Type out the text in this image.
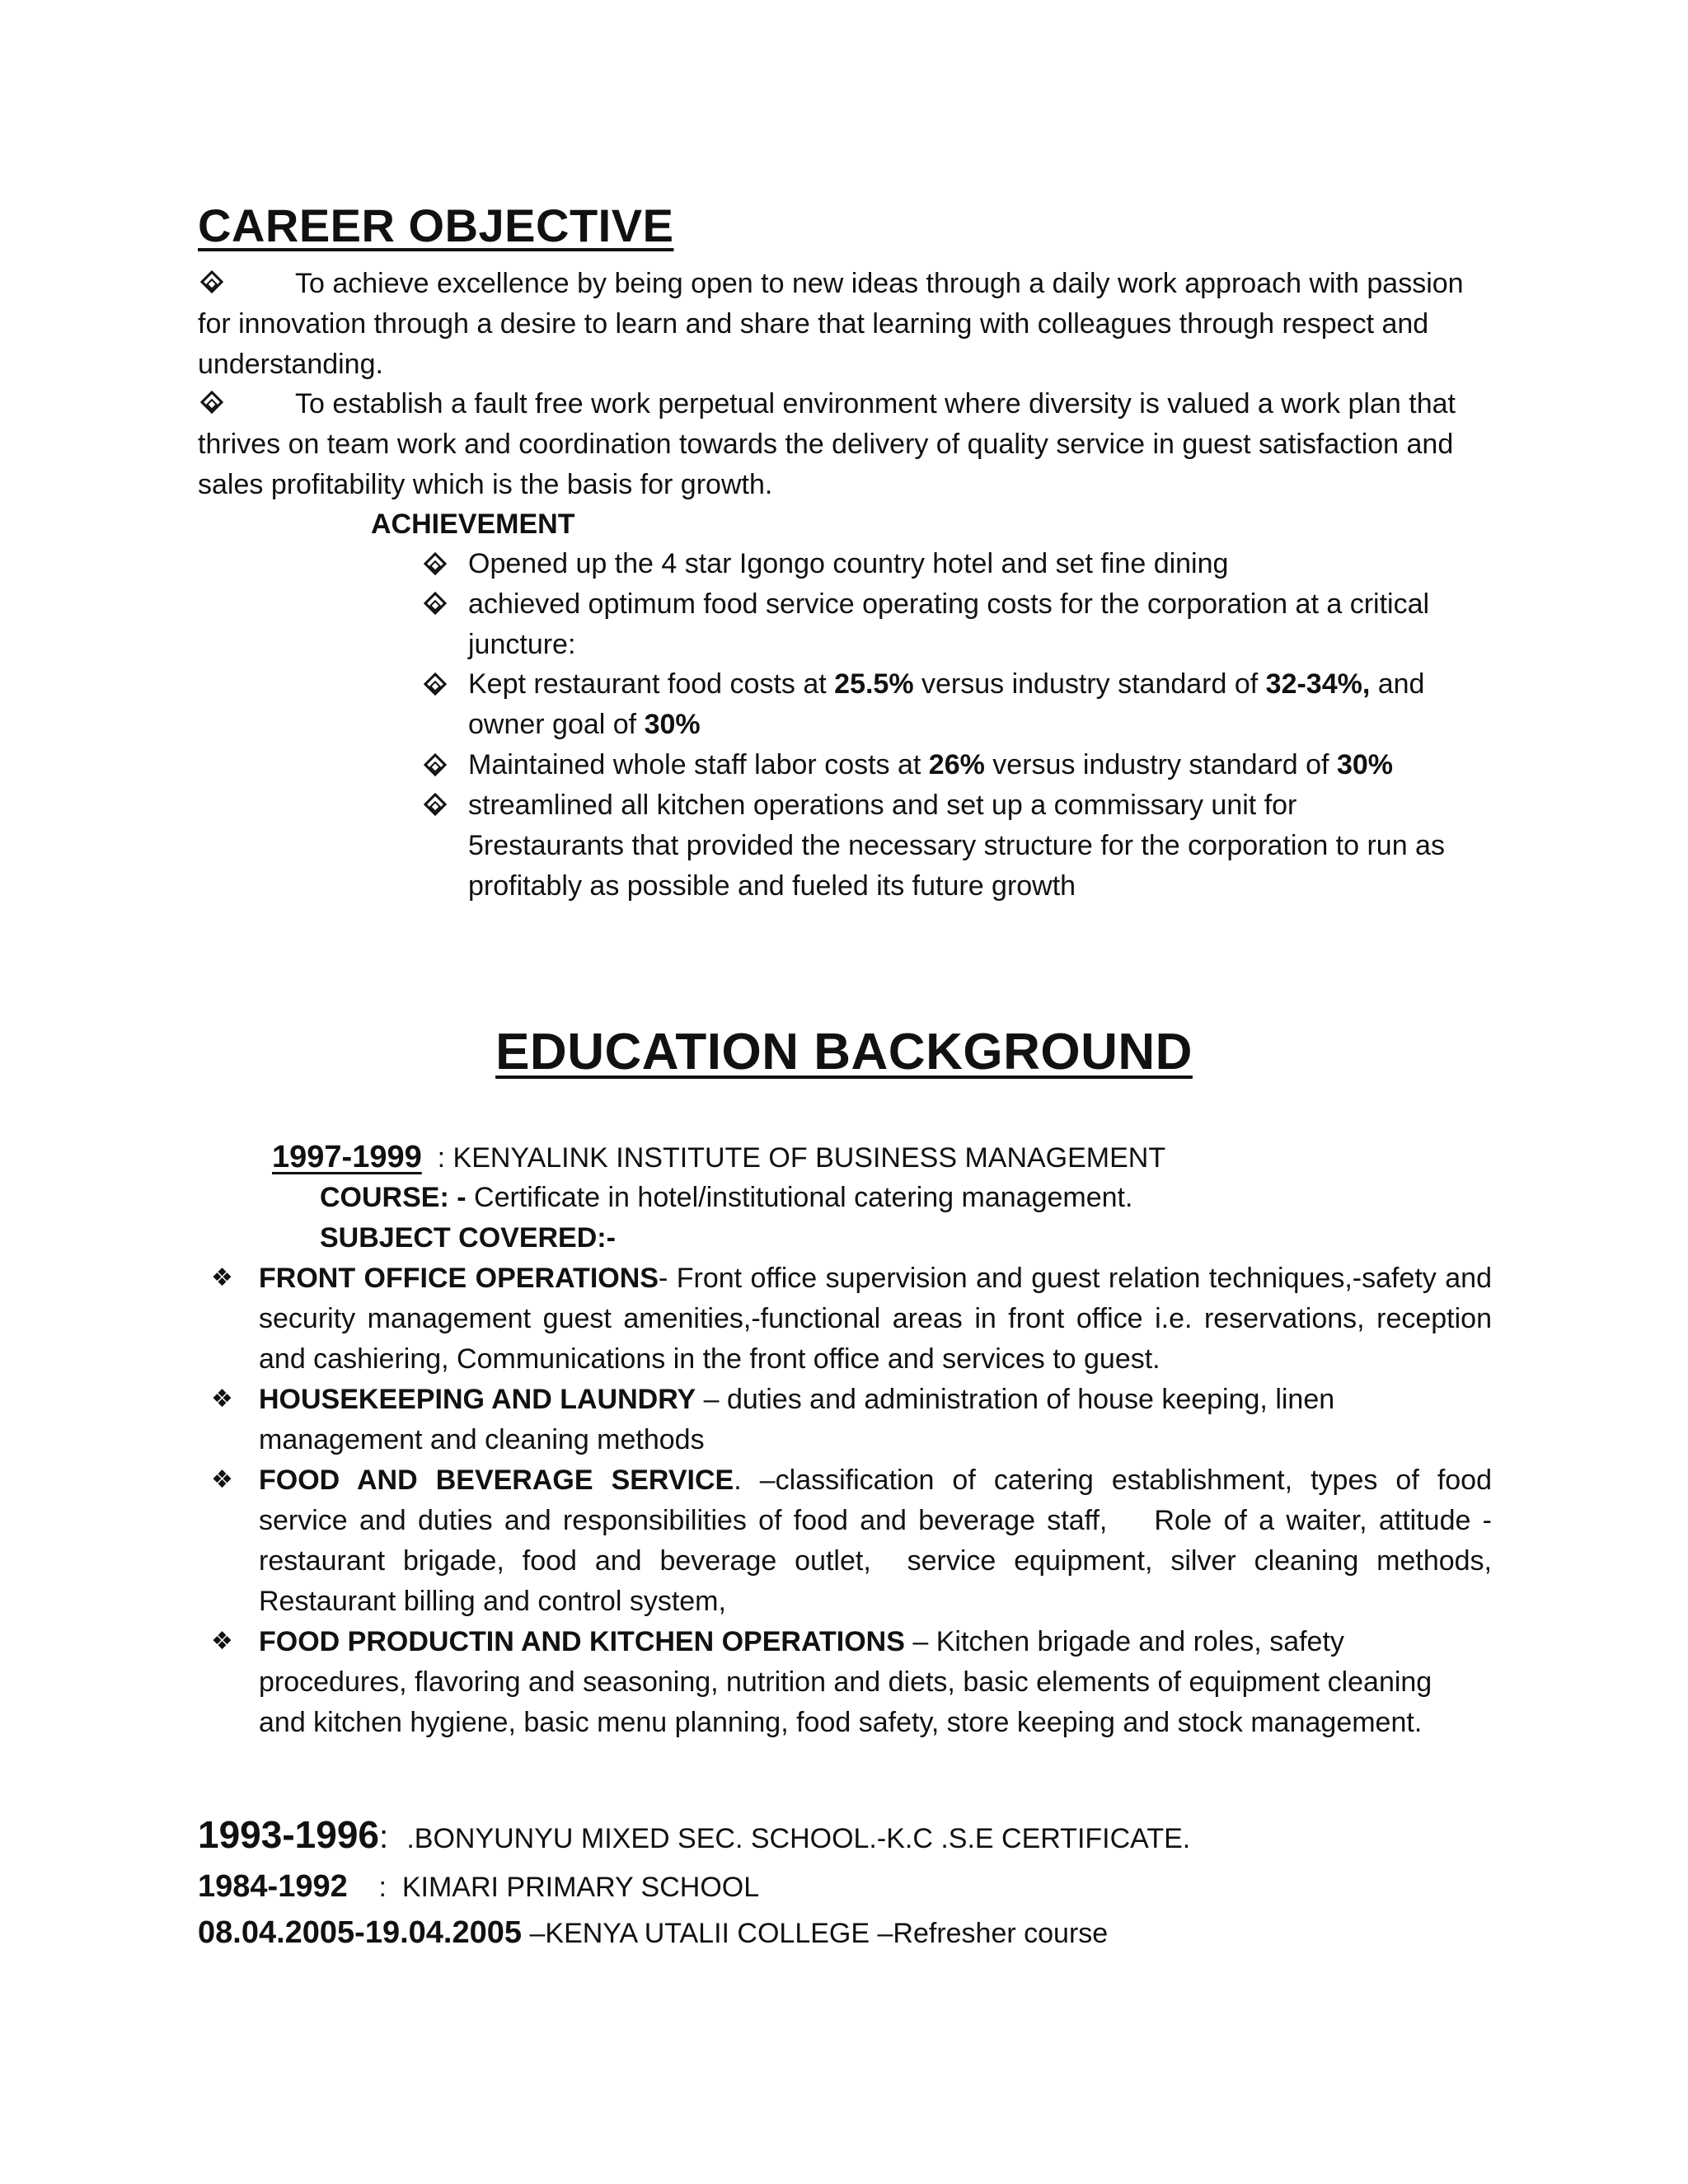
CAREER OBJECTIVE
To achieve excellence by being open to new ideas through a daily work approach with passion for innovation through a desire to learn and share that learning with colleagues through respect and understanding.
To establish a fault free work perpetual environment where diversity is valued a work plan that thrives on team work and coordination towards the delivery of quality service in guest satisfaction and sales profitability which is the basis for growth.
ACHIEVEMENT
Opened up the 4 star Igongo country hotel and set fine dining
achieved optimum food service operating costs for the corporation at a critical juncture:
Kept restaurant food costs at 25.5% versus industry standard of 32-34%, and owner goal of 30%
Maintained whole staff labor costs at 26% versus industry standard of 30%
streamlined all kitchen operations and set up a commissary unit for 5restaurants that provided the necessary structure for the corporation to run as profitably as possible and fueled its future growth
EDUCATION BACKGROUND
1997-1999  : KENYALINK INSTITUTE OF BUSINESS MANAGEMENT
COURSE: - Certificate in hotel/institutional catering management.
SUBJECT COVERED:-
❖ FRONT OFFICE OPERATIONS- Front office supervision and guest relation techniques,-safety and security management guest amenities,-functional areas in front office i.e. reservations, reception and cashiering, Communications in the front office and services to guest.
❖ HOUSEKEEPING AND LAUNDRY – duties and administration of house keeping, linen management and cleaning methods
❖ FOOD  AND  BEVERAGE  SERVICE.  –classification  of  catering  establishment,  types  of  food service and duties and responsibilities of food and beverage staff,    Role of a waiter, attitude -restaurant brigade, food and beverage outlet,  service equipment, silver cleaning methods, Restaurant billing and control system,
❖ FOOD PRODUCTIN AND KITCHEN OPERATIONS – Kitchen brigade and roles, safety procedures, flavoring and seasoning, nutrition and diets, basic elements of equipment cleaning and kitchen hygiene, basic menu planning, food safety, store keeping and stock management.
1993-1996:  .BONYUNYU MIXED SEC. SCHOOL.-K.C .S.E CERTIFICATE.
1984-1992    :  KIMARI PRIMARY SCHOOL
08.04.2005-19.04.2005 –KENYA UTALII COLLEGE –Refresher course
